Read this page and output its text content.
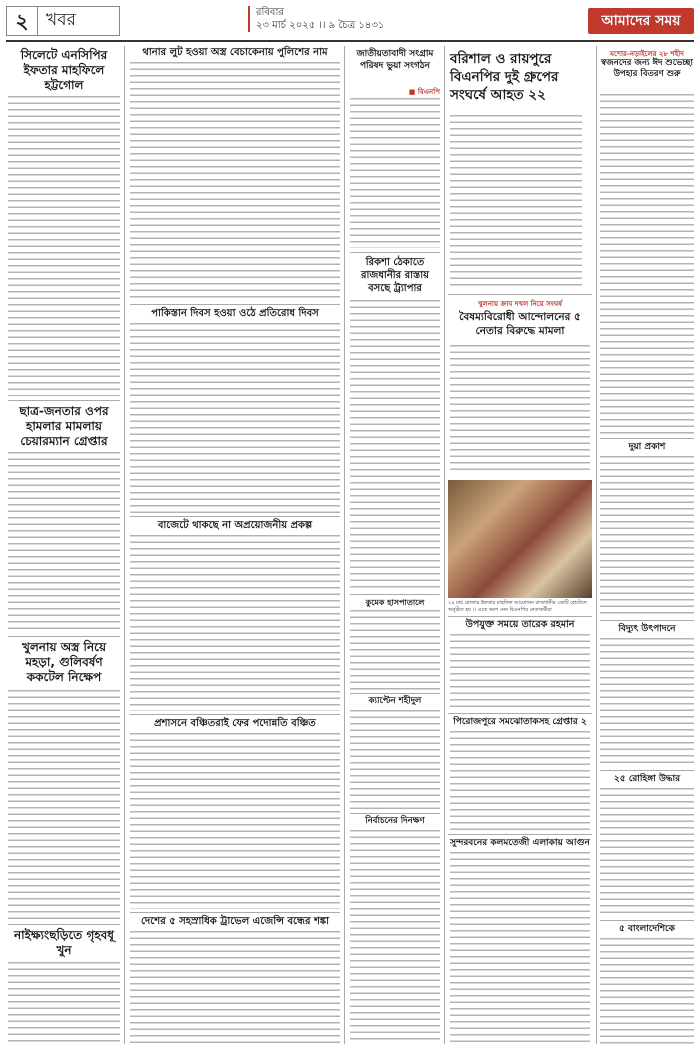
২	খবর	রবিবার
২৩ মার্চ ২০২৫ ।। ৯ চৈত্র ১৪৩১	আমাদের সময়
সিলেটে এনসিপির ইফতার মাহফিলে হট্টগোল
ছাত্র-জনতার ওপর হামলার মামলায় চেয়ারম্যান গ্রেপ্তার
খুলনায় অস্ত্র নিয়ে মহড়া, গুলিবর্ষণ ককটেল নিক্ষেপ
নাইক্ষ্যংছড়িতে গৃহবধূ খুন
থানার লুট হওয়া অস্ত্র বেচাকেনায় পুলিশের নাম
পাকিস্তান দিবস হওয়া ওঠে প্রতিরোধ দিবস
বাজেটে থাকছে না অপ্রয়োজনীয় প্রকল্প
প্রশাসনে বঞ্চিতরাই ফের পদোন্নতি বঞ্চিত
দেশের ৫ সহস্রাধিক ট্রাভেল এজেন্সি বন্ধের শঙ্কা
জাতীয়তাবাদী সংগ্রাম পরিষদ ভুয়া সংগঠন
■ বিএনপি
রিকশা ঠেকাতে রাজধানীর রাস্তায় বসছে ট্র্যাপার
কুমেক হাসপাতালে
ক্যাপ্টেন শহীদুল
নির্বাচনের দিনক্ষণ
বরিশাল ও রায়পুরে বিএনপির দুই গ্রুপের সংঘর্ষে আহত ২২
খুলনায় ক্রাব দখল নিয়ে সংঘর্ষ
বৈষম্যবিরোধী আন্দোলনের ৫ নেতার বিরুদ্ধে মামলা
২৪ মার্চ রোজার ইফতার মাহফিল আয়োজন রাজধানীর একটি হোটেলে অনুষ্ঠিত হয় ।। এতে অংশ নেন বিএনপির নেতাকর্মীরা
উপযুক্ত সময়ে তারেক রহমান
পিরোজপুরে সমঝোতাকসহ গ্রেপ্তার ২
সুন্দরবনের কলমতেজী এলাকায় আগুন
যশোর-নড়াইলের ২৮ শহীদ
স্বজনদের জন্য ঈদ শুভেচ্ছা উপহার বিতরণ শুরু
দুয়া প্রকাশ
বিদ্যুৎ উৎপাদনে
২৫ রোহিঙ্গা উদ্ধার
৫ বাংলাদেশিকে
